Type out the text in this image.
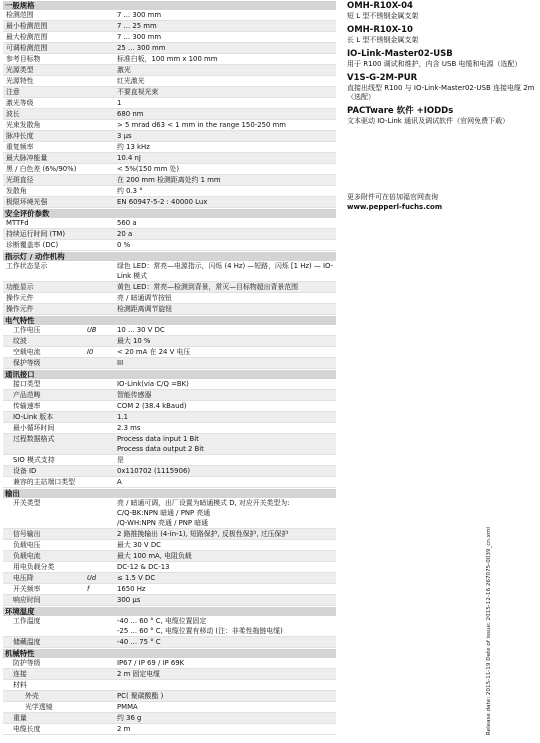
一般规格
检测范围	7 ... 300 mm
最小检测范围	7 ... 25 mm
最大检测范围	7 ... 300 mm
可调检测范围	25 ... 300 mm
参考目标物	标准白板，100 mm x 100 mm
光源类型	激光
光源特性	红光激光
注意	不要直视光束
激光等级	1
波长	680 nm
光束发散角	> 5 mrad d63 < 1 mm in the range 150-250 mm
脉冲长度	3 µs
重复频率	约 13 kHz
最大脉冲能量	10.4 nJ
黑 / 白色差 (6%/90%)	< 5%(150 mm 处)
光斑直径	在 200 mm 检测距离处约 1 mm
发散角	约 0.3 °
极限环境光强	EN 60947-5-2 : 40000 Lux
安全评价参数
MTTFd	560 a
持续运行时间 (TM)	20 a
诊断覆盖率 (DC)	0 %
指示灯 / 动作机构
工作状态显示	绿色 LED：常亮—电源指示，闪烁 (4 Hz) —短路，闪烁 [1 Hz) — IO-Link 模式
功能显示	黄色 LED：常亮—检测到背景，常灭—目标物超出背景范围
操作元件	亮 / 暗通调节按钮
操作元件	检测距离调节旋钮
电气特性
工作电压	UB	10 ... 30 V DC
纹波	最大 10 %
空载电流	I0	< 20 mA 在 24 V 电压
保护等级	III
通讯接口
接口类型	IO-Link(via C/Q =BK)
产品范畴	智能传感器
传输速率	COM 2 (38.4 kBaud)
IO-Link 版本	1.1
最小循环时间	2.3 ms
过程数据格式	Process data input 1 Bit
Process data output 2 Bit
SIO 模式支持	是
设备 ID	0x110702 (1115906)
兼容的主站端口类型	A
输出
开关类型	亮 / 暗通可调，出厂设置为暗通模式 D, 对应开关类型为:
C/Q-BK:NPN 暗通 / PNP 亮通
/Q-WH:NPN 亮通 / PNP 暗通
信号输出	2 路推挽输出 (4-in-1), 短路保护, 反极性保护, 过压保护
负载电压	最大 30 V DC
负载电流	最大 100 mA, 电阻负载
用电负载分类	DC-12 & DC-13
电压降	Ud	≤ 1.5 V DC
开关频率	f	1650 Hz
响应时间	300 µs
环境温度
工作温度	-40 ... 60 ° C, 电缆位置固定
-25 ... 60 ° C, 电缆位置有移动 (注：非柔性拖链电缆)
储藏温度	-40 ... 75 ° C
机械特性
防护等级	IP67 / IP 69 / IP 69K
连接	2 m 固定电缆
材料
外壳	PC( 聚碳酸酯 )
光学透镜	PMMA
重量	约 36 g
电缆长度	2 m
OMH-R10X-04
短 L 型不锈钢金属支架
OMH-R10X-10
长 L 型不锈钢金属支架
IO-Link-Master02-USB
用于 R100 调试和维护，内含 USB 电缆和电源（选配）
V1S-G-2M-PUR
直接出线型 R100 与 IO-Link-Master02-USB 连接电缆 2m（选配）
PACTware 软件 +IODDs
文本驱动 IO-Link 通讯及调试软件（官网免费下载）
更多附件可在倍加福官网查询
www.pepperl-fuchs.com
Release date: 2015-11-19 Date of issue: 2015-12-16 267075-0039_cn.xml
